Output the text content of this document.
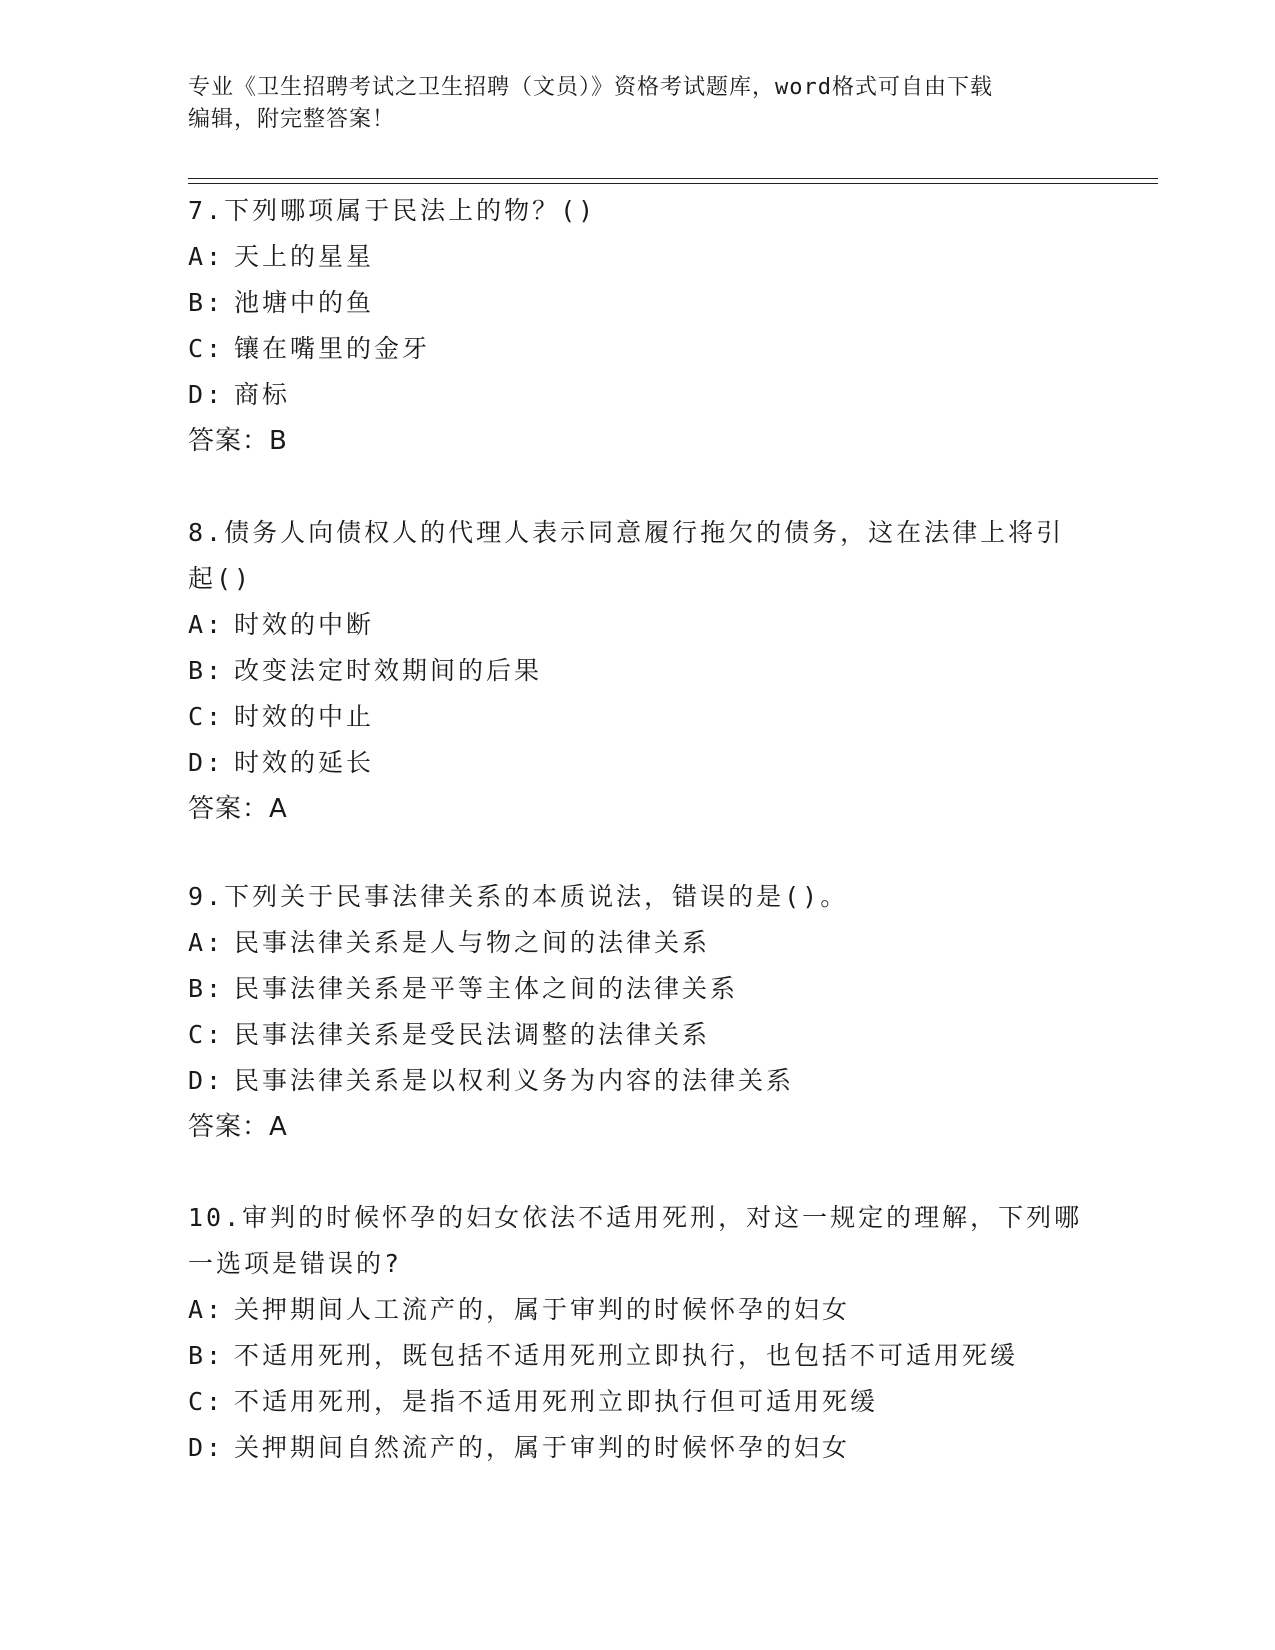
专业《卫生招聘考试之卫生招聘（文员）》资格考试题库，word格式可自由下载
编辑，附完整答案！
7.下列哪项属于民法上的物？()
A: 天上的星星
B: 池塘中的鱼
C: 镶在嘴里的金牙
D: 商标
答案：B
8.债务人向债权人的代理人表示同意履行拖欠的债务，这在法律上将引起()
A: 时效的中断
B: 改变法定时效期间的后果
C: 时效的中止
D: 时效的延长
答案：A
9.下列关于民事法律关系的本质说法，错误的是()。
A: 民事法律关系是人与物之间的法律关系
B: 民事法律关系是平等主体之间的法律关系
C: 民事法律关系是受民法调整的法律关系
D: 民事法律关系是以权利义务为内容的法律关系
答案：A
10.审判的时候怀孕的妇女依法不适用死刑，对这一规定的理解，下列哪一选项是错误的?
A: 关押期间人工流产的，属于审判的时候怀孕的妇女
B: 不适用死刑，既包括不适用死刑立即执行，也包括不可适用死缓
C: 不适用死刑，是指不适用死刑立即执行但可适用死缓
D: 关押期间自然流产的，属于审判的时候怀孕的妇女
